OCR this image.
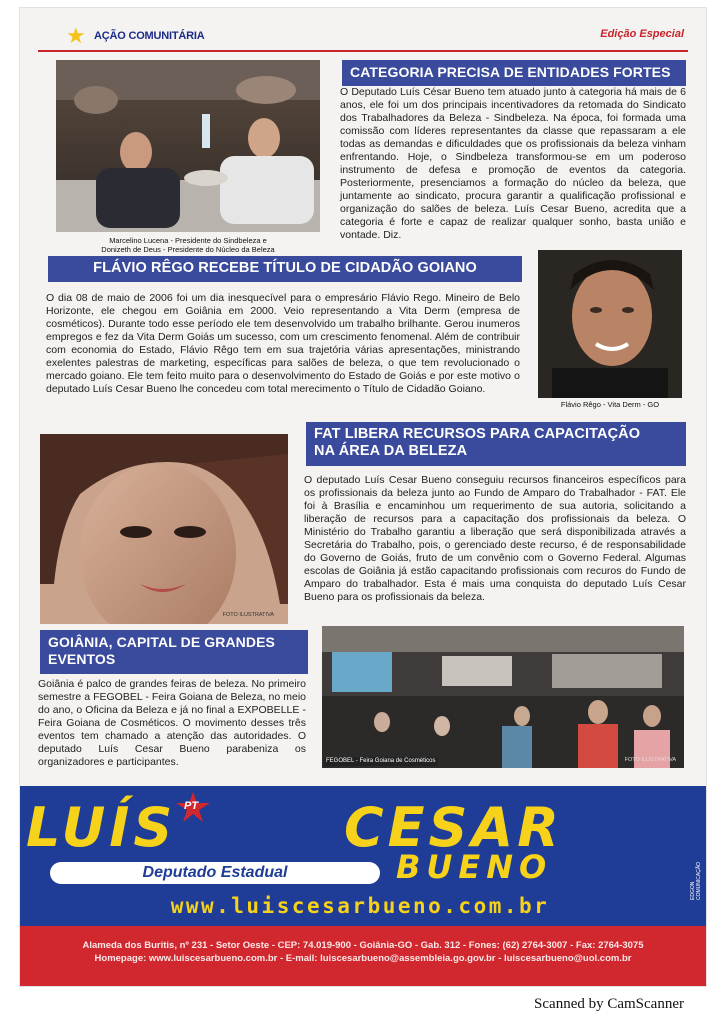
★ AÇÃO COMUNITÁRIA	Edição Especial
Marcelino Lucena - Presidente do Sindbeleza e
Donizeth de Deus - Presidente do Núcleo da Beleza
CATEGORIA PRECISA DE ENTIDADES FORTES
O Deputado Luís César Bueno tem atuado junto à categoria há mais de 6 anos, ele foi um dos principais incentivadores da retomada do Sindicato dos Trabalhadores da Beleza - Sindbeleza. Na época, foi formada uma comissão com líderes representantes da classe que repassaram a ele todas as demandas e dificuldades que os profissionais da beleza vinham enfrentando. Hoje, o Sindbeleza transformou-se em um poderoso instrumento de defesa e promoção de eventos da categoria. Posteriormente, presenciamos a formação do núcleo da beleza, que juntamente ao sindicato, procura garantir a qualificação profissional e organização do salões de beleza. Luís Cesar Bueno, acredita que a categoria é forte e capaz de realizar qualquer sonho, basta união e vontade. Diz.
FLÁVIO RÊGO RECEBE TÍTULO DE CIDADÃO GOIANO
O dia 08 de maio de 2006 foi um dia inesquecível para o empresário Flávio Rego. Mineiro de Belo Horizonte, ele chegou em Goiânia em 2000. Veio representando a Vita Derm (empresa de cosméticos). Durante todo esse período ele tem desenvolvido um trabalho brilhante. Gerou inumeros empregos e fez da Vita Derm Goiás um sucesso, com um crescimento fenomenal. Além de contribuir com economia do Estado, Flávio Rêgo tem em sua trajetória várias apresentações, ministrando exelentes palestras de marketing, específicas para salões de beleza, o que tem revolucionado o mercado goiano. Ele tem feito muito para o desenvolvimento do Estado de Goiás e por este motivo o deputado Luís Cesar Bueno lhe concedeu com total merecimento o Título de Cidadão Goiano.
Flávio Rêgo - Vita Derm - GO
FOTO ILUSTRATIVA
FAT LIBERA RECURSOS PARA CAPACITAÇÃO
NA ÁREA DA BELEZA
O deputado Luís Cesar Bueno conseguiu recursos financeiros específicos para os profissionais da beleza junto ao Fundo de Amparo do Trabalhador - FAT. Ele foi à Brasília e encaminhou um requerimento de sua autoria, solicitando a liberação de recursos para a capacitação dos profissionais da beleza. O Ministério do Trabalho garantiu a liberação que será disponibilizada através a Secretária do Trabalho, pois, o gerenciado deste recurso, é de responsabilidade do Governo de Goiás, fruto de um convênio com o Governo Federal. Algumas escolas de Goiânia já estão capacitando profissionais com recuros do Fundo de Amparo do trabalhador. Esta é mais uma conquista do deputado Luís Cesar Bueno para os profissionais da beleza.
GOIÂNIA, CAPITAL DE GRANDES
EVENTOS
Goiânia é palco de grandes feiras de beleza. No primeiro semestre a FEGOBEL - Feira Goiana de Beleza, no meio do ano, o Oficina da Beleza e já no final a EXPOBELLE - Feira Goiana de Cosméticos. O movimento desses três eventos tem chamado a atenção das autoridades. O deputado Luís Cesar Bueno parabeniza os organizadores e participantes.	FEGOBEL - Feira Goiana de Cosméticos	FOTO ILUSTRATIVA
LUÍS PT	CESAR
BUENO
Deputado Estadual
www.luiscesarbueno.com.br
Alameda dos Buritis, nº 231 - Setor Oeste - CEP: 74.019-900 - Goiânia-GO - Gab. 312 - Fones: (62) 2764-3007 - Fax: 2764-3075
Homepage: www.luiscesarbueno.com.br - E-mail: luiscesarbueno@assembleia.go.gov.br - luiscesarbueno@uol.com.br
EDGON COMUNICAÇÃO
Scanned by CamScanner
